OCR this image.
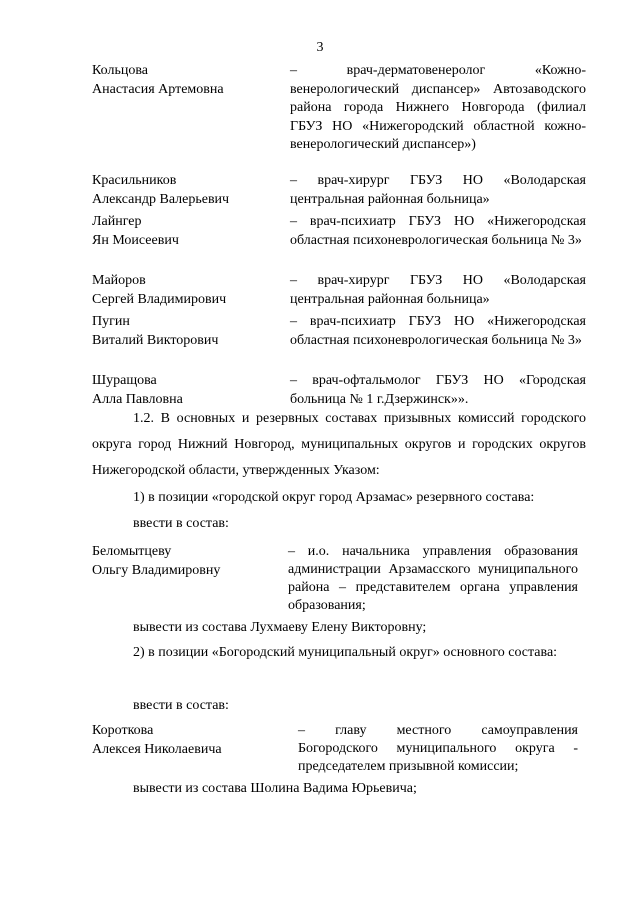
3
Кольцова
Анастасия Артемовна
– врач-дерматовенеролог «Кожно-венерологический диспансер» Автозаводского района города Нижнего Новгорода (филиал ГБУЗ НО «Нижегородский областной кожно-венерологический диспансер»)
Красильников
Александр Валерьевич
– врач-хирург ГБУЗ НО «Володарская центральная районная больница»
Лайнгер
Ян Моисеевич
– врач-психиатр ГБУЗ НО «Нижегородская областная психоневрологическая больница № 3»
Майоров
Сергей Владимирович
– врач-хирург ГБУЗ НО «Володарская центральная районная больница»
Пугин
Виталий Викторович
– врач-психиатр ГБУЗ НО «Нижегородская областная психоневрологическая больница № 3»
Шуращова
Алла Павловна
– врач-офтальмолог ГБУЗ НО «Городская больница № 1 г.Дзержинск»».
1.2. В основных и резервных составах призывных комиссий городского округа город Нижний Новгород, муниципальных округов и городских округов Нижегородской области, утвержденных Указом:
1) в позиции «городской округ город Арзамас» резервного состава:
ввести в состав:
Беломытцеву
Ольгу Владимировну
– и.о. начальника управления образования администрации Арзамасского муниципального района – представителем органа управления образования;
вывести из состава Лухмаеву Елену Викторовну;
2) в позиции «Богородский муниципальный округ» основного состава:
ввести в состав:
Короткова
Алексея Николаевича
– главу местного самоуправления Богородского муниципального округа - председателем призывной комиссии;
вывести из состава Шолина Вадима Юрьевича;
